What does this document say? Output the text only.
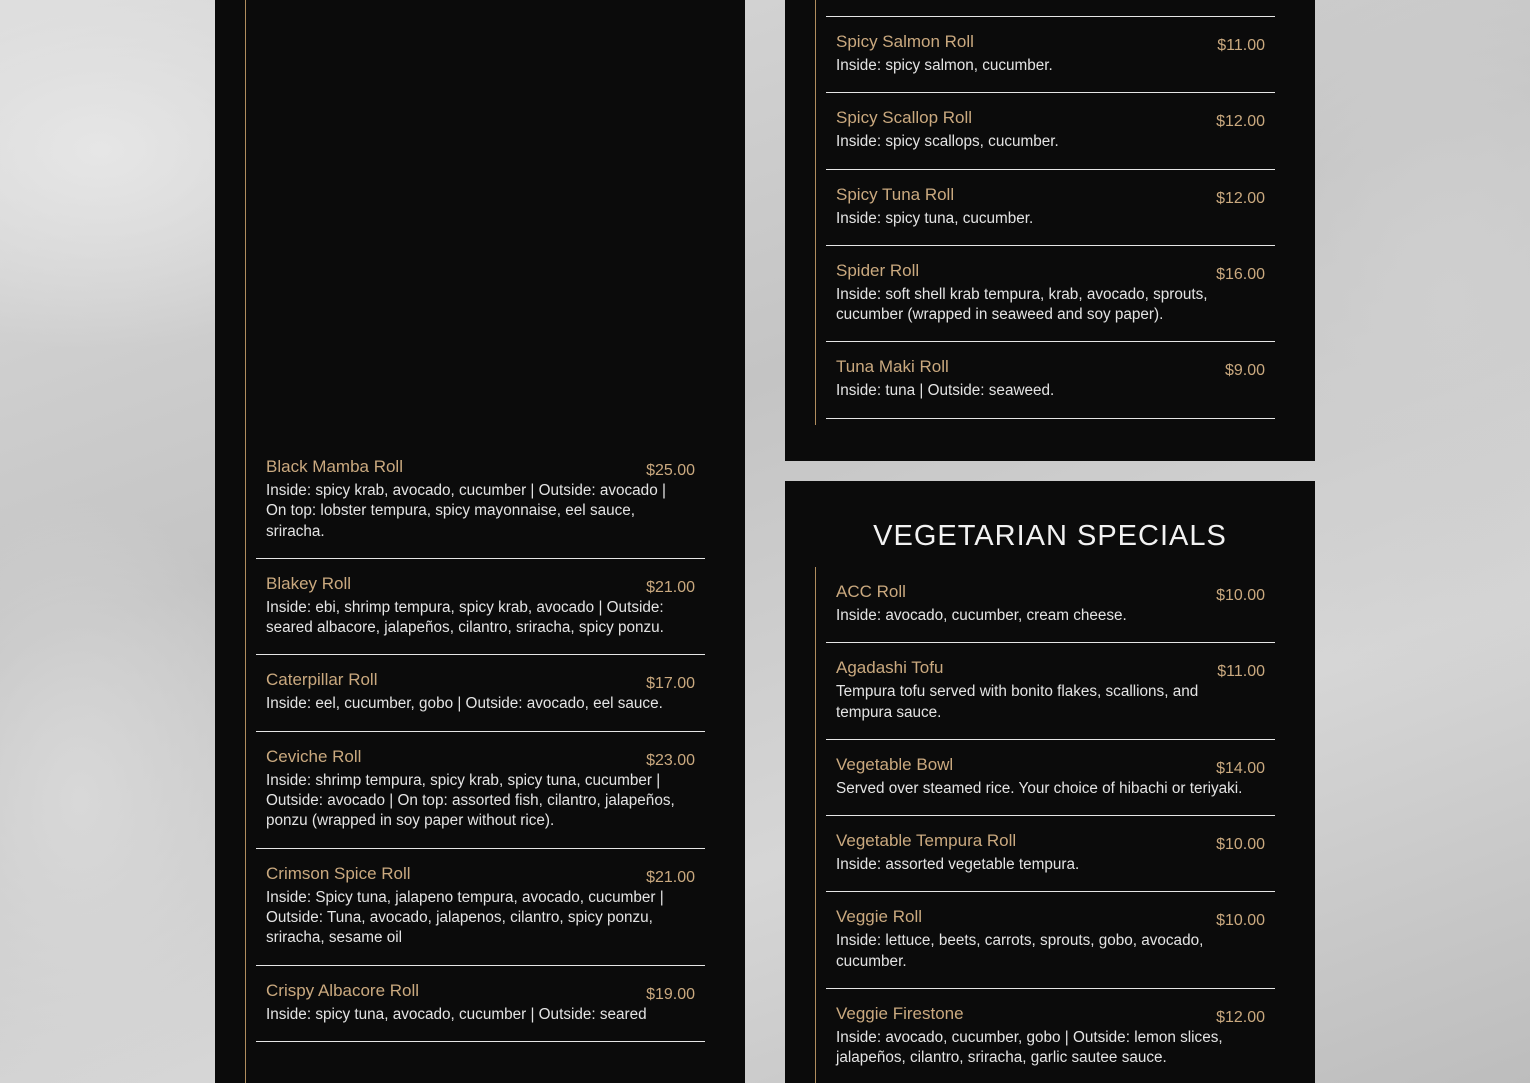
Black Mamba Roll	$25.00
Inside: spicy krab, avocado, cucumber | Outside: avocado | On top: lobster tempura, spicy mayonnaise, eel sauce, sriracha.
Blakey Roll	$21.00
Inside: ebi, shrimp tempura, spicy krab, avocado | Outside: seared albacore, jalapeños, cilantro, sriracha, spicy ponzu.
Caterpillar Roll	$17.00
Inside: eel, cucumber, gobo | Outside: avocado, eel sauce.
Ceviche Roll	$23.00
Inside: shrimp tempura, spicy krab, spicy tuna, cucumber | Outside: avocado | On top: assorted fish, cilantro, jalapeños, ponzu (wrapped in soy paper without rice).
Crimson Spice Roll	$21.00
Inside: Spicy tuna, jalapeno tempura, avocado, cucumber | Outside: Tuna, avocado, jalapenos, cilantro, spicy ponzu, sriracha, sesame oil
Crispy Albacore Roll	$19.00
Inside: spicy tuna, avocado, cucumber | Outside: seared
Spicy Salmon Roll	$11.00
Inside: spicy salmon, cucumber.
Spicy Scallop Roll	$12.00
Inside: spicy scallops, cucumber.
Spicy Tuna Roll	$12.00
Inside: spicy tuna, cucumber.
Spider Roll	$16.00
Inside: soft shell krab tempura, krab, avocado, sprouts, cucumber (wrapped in seaweed and soy paper).
Tuna Maki Roll	$9.00
Inside: tuna | Outside: seaweed.
ACC Roll	$10.00
Inside: avocado, cucumber, cream cheese.
Agadashi Tofu	$11.00
Tempura tofu served with bonito flakes, scallions, and tempura sauce.
Vegetable Bowl	$14.00
Served over steamed rice. Your choice of hibachi or teriyaki.
Vegetable Tempura Roll	$10.00
Inside: assorted vegetable tempura.
Veggie Roll	$10.00
Inside: lettuce, beets, carrots, sprouts, gobo, avocado, cucumber.
Veggie Firestone	$12.00
Inside: avocado, cucumber, gobo | Outside: lemon slices, jalapeños, cilantro, sriracha, garlic sautee sauce.
VEGETARIAN SPECIALS
